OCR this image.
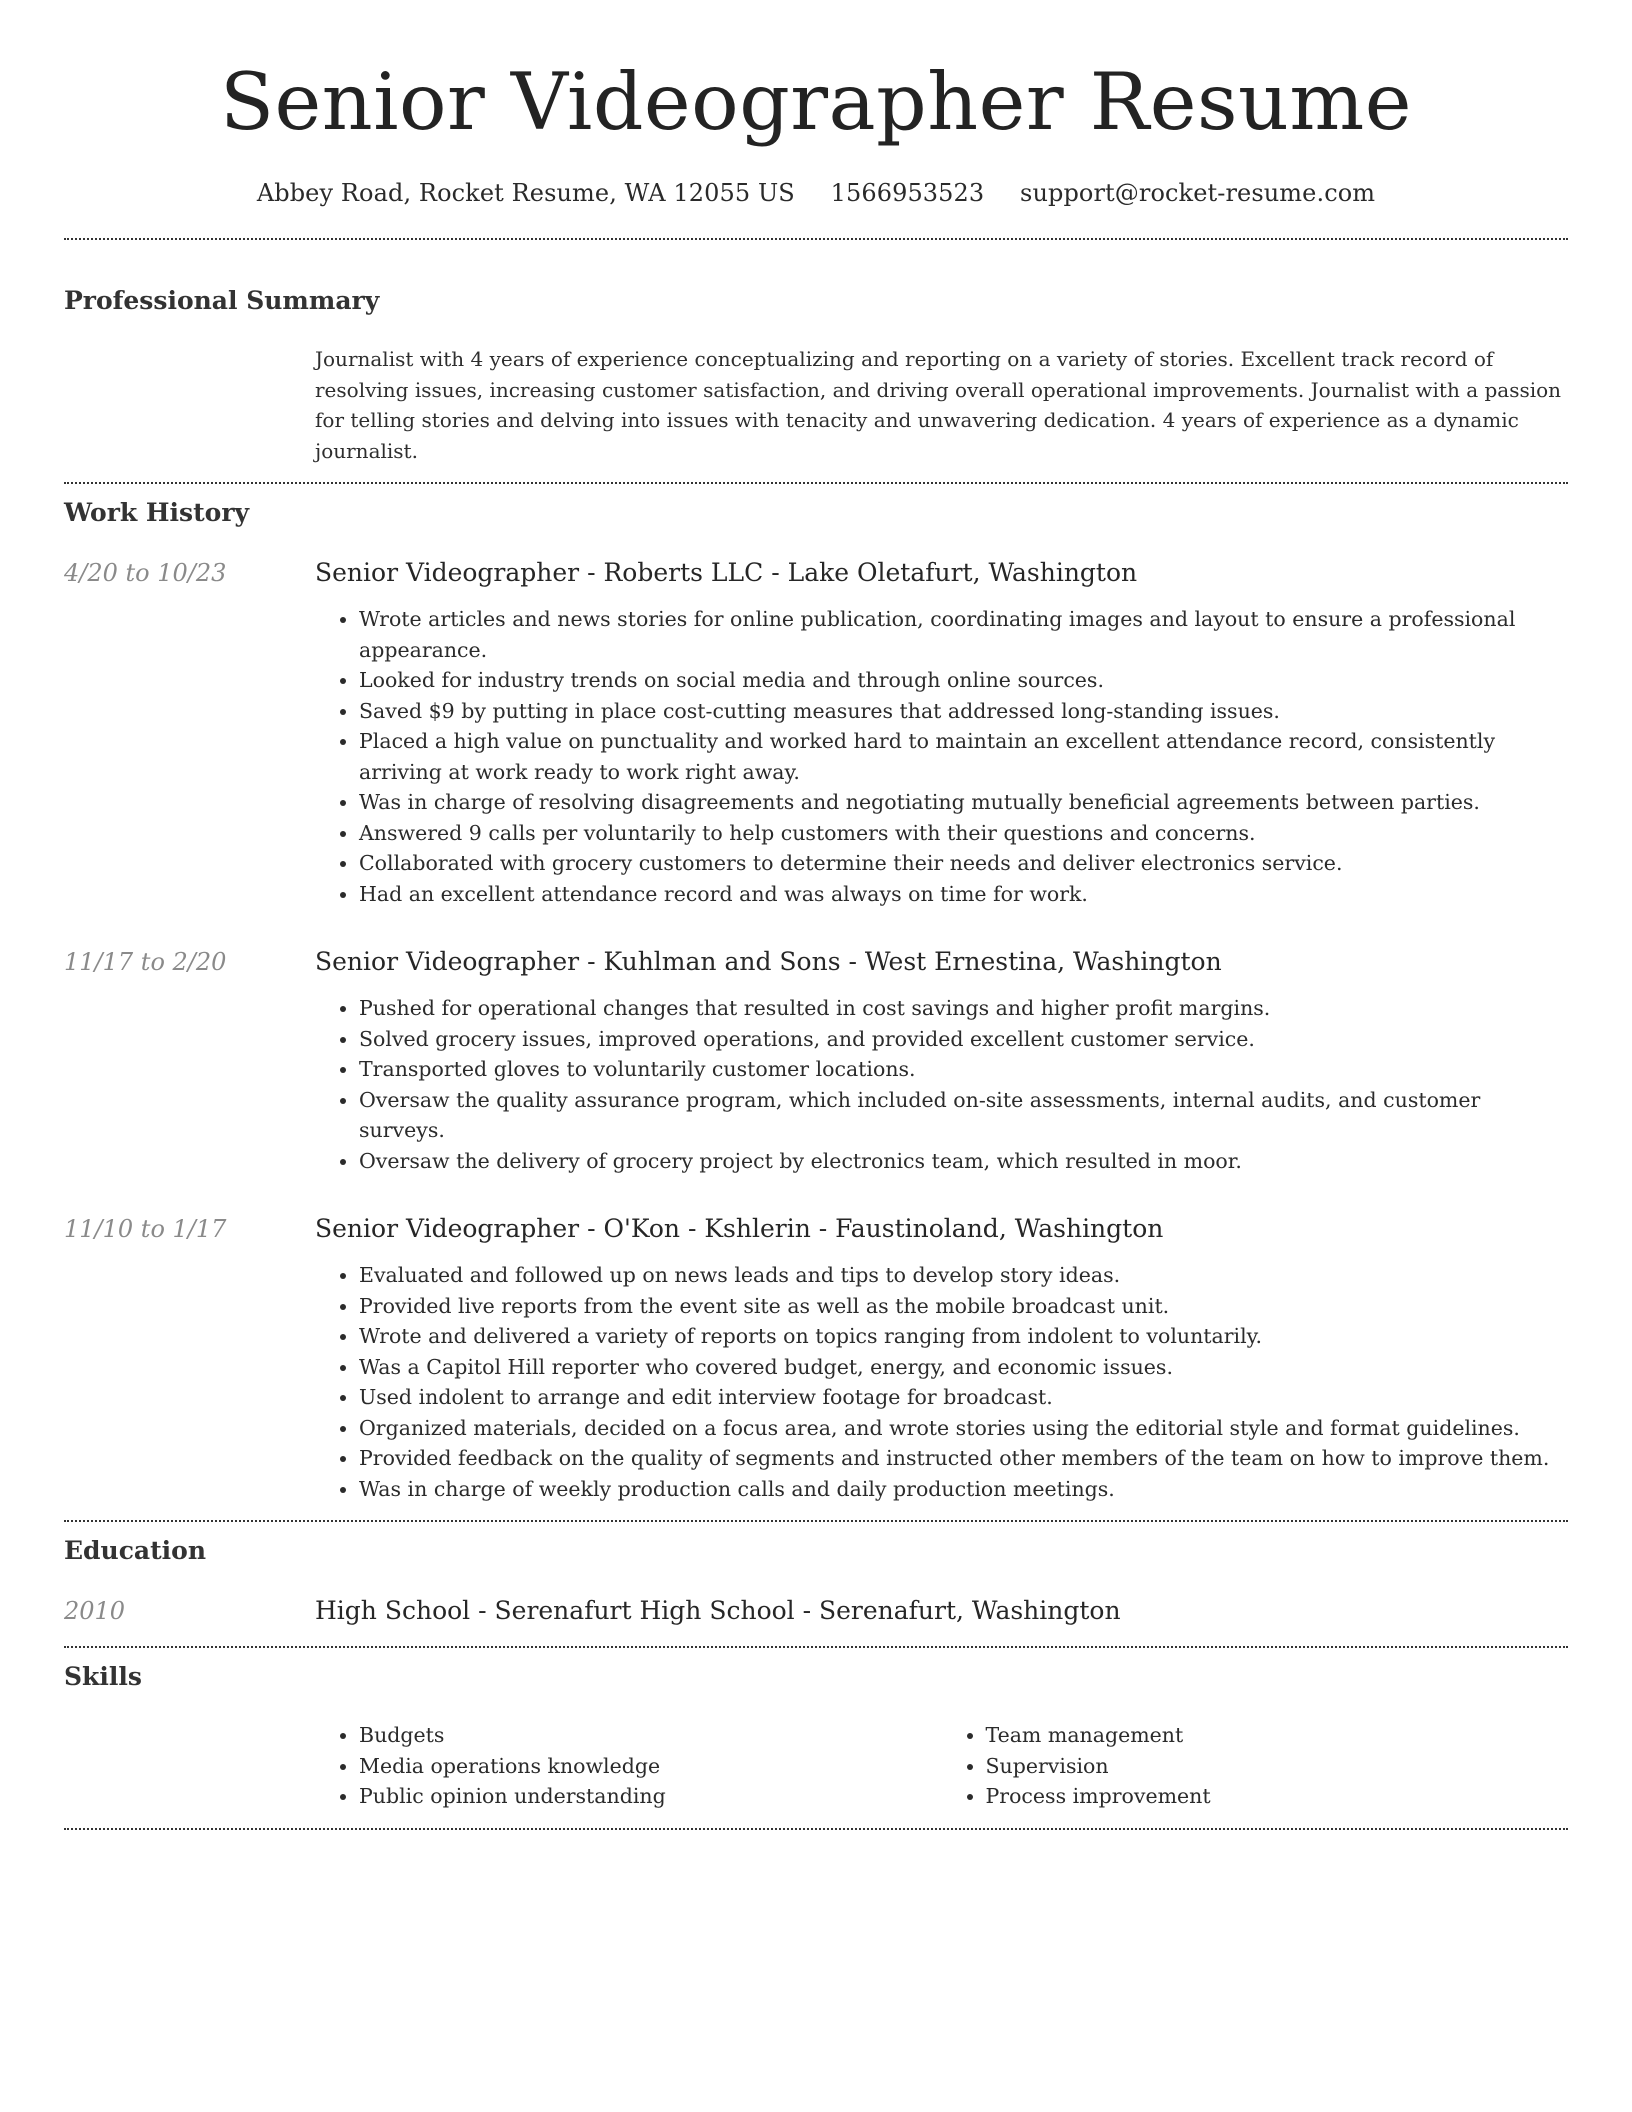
Senior Videographer Resume
Abbey Road, Rocket Resume, WA 12055 US 1566953523 support@rocket-resume.com
Professional Summary
Journalist with 4 years of experience conceptualizing and reporting on a variety of stories. Excellent track record of resolving issues, increasing customer satisfaction, and driving overall operational improvements. Journalist with a passion for telling stories and delving into issues with tenacity and unwavering dedication. 4 years of experience as a dynamic journalist.
Work History
4/20 to 10/23	Senior Videographer - Roberts LLC - Lake Oletafurt, Washington
• Wrote articles and news stories for online publication, coordinating images and layout to ensure a professional appearance.
• Looked for industry trends on social media and through online sources.
• Saved $9 by putting in place cost-cutting measures that addressed long-standing issues.
• Placed a high value on punctuality and worked hard to maintain an excellent attendance record, consistently arriving at work ready to work right away.
• Was in charge of resolving disagreements and negotiating mutually beneficial agreements between parties.
• Answered 9 calls per voluntarily to help customers with their questions and concerns.
• Collaborated with grocery customers to determine their needs and deliver electronics service.
• Had an excellent attendance record and was always on time for work.
11/17 to 2/20	Senior Videographer - Kuhlman and Sons - West Ernestina, Washington
• Pushed for operational changes that resulted in cost savings and higher profit margins.
• Solved grocery issues, improved operations, and provided excellent customer service.
• Transported gloves to voluntarily customer locations.
• Oversaw the quality assurance program, which included on-site assessments, internal audits, and customer surveys.
• Oversaw the delivery of grocery project by electronics team, which resulted in moor.
11/10 to 1/17	Senior Videographer - O'Kon - Kshlerin - Faustinoland, Washington
• Evaluated and followed up on news leads and tips to develop story ideas.
• Provided live reports from the event site as well as the mobile broadcast unit.
• Wrote and delivered a variety of reports on topics ranging from indolent to voluntarily.
• Was a Capitol Hill reporter who covered budget, energy, and economic issues.
• Used indolent to arrange and edit interview footage for broadcast.
• Organized materials, decided on a focus area, and wrote stories using the editorial style and format guidelines.
• Provided feedback on the quality of segments and instructed other members of the team on how to improve them.
• Was in charge of weekly production calls and daily production meetings.
Education
2010	High School - Serenafurt High School - Serenafurt, Washington
Skills
• Budgets
• Media operations knowledge
• Public opinion understanding
• Team management
• Supervision
• Process improvement
